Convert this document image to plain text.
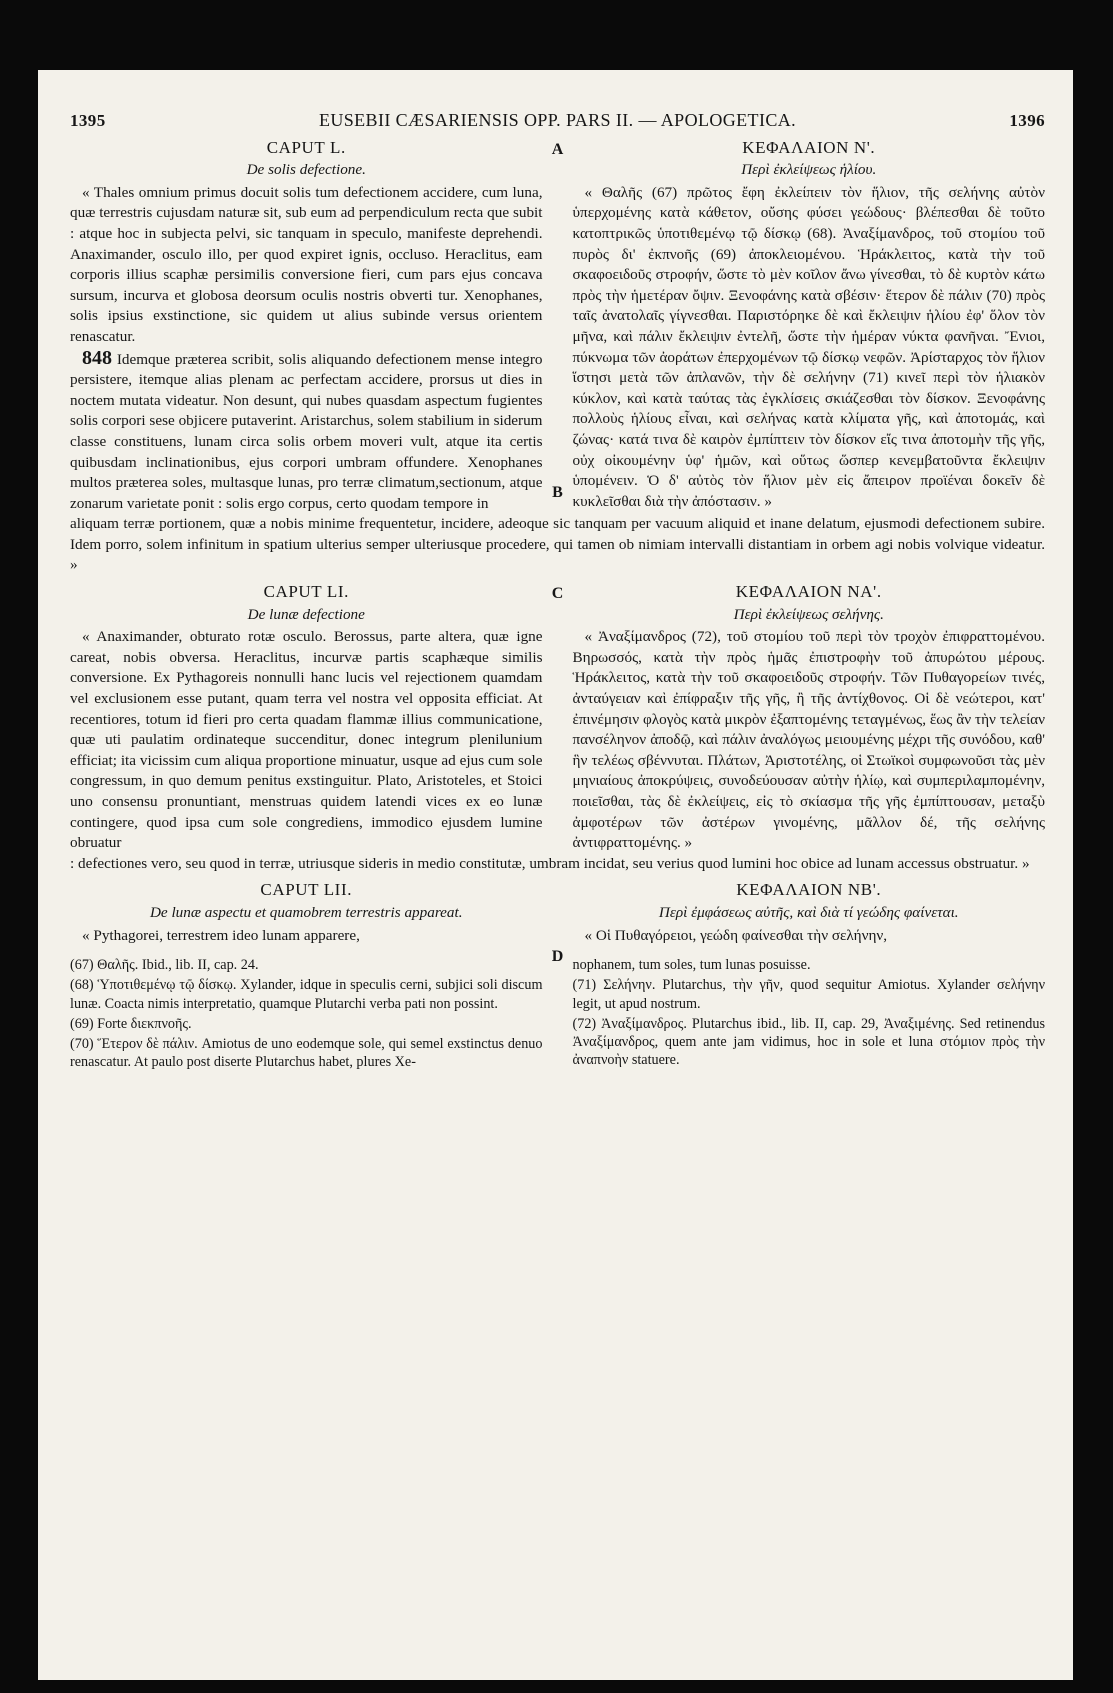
1395	EUSEBII CÆSARIENSIS OPP. PARS II. — APOLOGETICA.	1396
CAPUT L.
De solis defectione.
A	ΚΕΦΑΛΑΙΟΝ Ν'.
Περὶ ἐκλείψεως ἡλίου.

« Thales omnium primus docuit solis tum defectionem accidere, cum luna, quæ terrestris cujusdam naturæ sit, sub eum ad perpendiculum recta que subit : atque hoc in subjecta pelvi, sic tanquam in speculo, manifeste deprehendi. Anaximander, osculo illo, per quod expiret ignis, occluso. Heraclitus, eam corporis illius scaphæ persimilis conversione fieri, cum pars ejus concava sursum, incurva et globosa deorsum oculis nostris obverti tur. Xenophanes, solis ipsius exstinctione, sic quidem ut alius subinde versus orientem renascatur.

848 Idemque præterea scribit, solis aliquando defectionem mense integro persistere, itemque alias plenam ac perfectam accidere, prorsus ut dies in noctem mutata videatur. Non desunt, qui nubes quasdam aspectum fugientes solis corpori sese objicere putaverint. Aristarchus, solem stabilium in siderum classe constituens, lunam circa solis orbem moveri vult, atque ita certis quibusdam inclinationibus, ejus corpori umbram offundere. Xenophanes multos præterea soles, multasque lunas, pro terræ climatum,sectionum, atque zonarum varietate ponit : solis ergo corpus, certo quodam tempore in

B

« Θαλῆς (67) πρῶτος ἔφη ἐκλείπειν τὸν ἥλιον, τῆς σελήνης αὐτὸν ὑπερχομένης κατὰ κάθετον, οὔσης φύσει γεώδους· βλέπεσθαι δὲ τοῦτο κατοπτρικῶς ὑποτιθεμένῳ τῷ δίσκῳ (68). Ἀναξίμανδρος, τοῦ στομίου τοῦ πυρὸς δι' ἐκπνοῆς (69) ἀποκλειομένου. Ἡράκλειτος, κατὰ τὴν τοῦ σκαφοειδοῦς στροφήν, ὥστε τὸ μὲν κοῖλον ἄνω γίνεσθαι, τὸ δὲ κυρτὸν κάτω πρὸς τὴν ἡμετέραν ὄψιν. Ξενοφάνης κατὰ σβέσιν· ἕτερον δὲ πάλιν (70) πρὸς ταῖς ἀνατολαῖς γίγνεσθαι. Παριστόρηκε δὲ καὶ ἔκλειψιν ἡλίου ἐφ' ὅλον τὸν μῆνα, καὶ πάλιν ἔκλειψιν ἐντελῆ, ὥστε τὴν ἡμέραν νύκτα φανῆναι. Ἔνιοι, πύκνωμα τῶν ἀοράτων ἐπερχομένων τῷ δίσκῳ νεφῶν. Ἀρίσταρχος τὸν ἥλιον ἵστησι μετὰ τῶν ἀπλανῶν, τὴν δὲ σελήνην (71) κινεῖ περὶ τὸν ἡλιακὸν κύκλον, καὶ κατὰ ταύτας τὰς ἐγκλίσεις σκιάζεσθαι τὸν δίσκον. Ξενοφάνης πολλοὺς ἡλίους εἶναι, καὶ σελήνας κατὰ κλίματα γῆς, καὶ ἀποτομάς, καὶ ζώνας· κατά τινα δὲ καιρὸν ἐμπίπτειν τὸν δίσκον εἴς τινα ἀποτομὴν τῆς γῆς, οὐχ οἰκουμένην ὑφ' ἡμῶν, καὶ οὕτως ὥσπερ κενεμβατοῦντα ἔκλειψιν ὑπομένειν. Ὁ δ' αὐτὸς τὸν ἥλιον μὲν εἰς ἄπειρον προϊέναι δοκεῖν δὲ κυκλεῖσθαι διὰ τὴν ἀπόστασιν. »

aliquam terræ portionem, quæ a nobis minime frequentetur, incidere, adeoque sic tanquam per vacuum aliquid et inane delatum, ejusmodi defectionem subire. Idem porro, solem infinitum in spatium ulterius semper ulteriusque procedere, qui tamen ob nimiam intervalli distantiam in orbem agi nobis volvique videatur. »
CAPUT LI.
De lunæ defectione
C	ΚΕΦΑΛΑΙΟΝ ΝΑ'.
Περὶ ἐκλείψεως σελήνης.

« Anaximander, obturato rotæ osculo. Berossus, parte altera, quæ igne careat, nobis obversa. Heraclitus, incurvæ partis scaphæque similis conversione. Ex Pythagoreis nonnulli hanc lucis vel rejectionem quamdam vel exclusionem esse putant, quam terra vel nostra vel opposita efficiat. At recentiores, totum id fieri pro certa quadam flammæ illius communicatione, quæ uti paulatim ordinateque succenditur, donec integrum plenilunium efficiat; ita vicissim cum aliqua proportione minuatur, usque ad ejus cum sole congressum, in quo demum penitus exstinguitur. Plato, Aristoteles, et Stoici uno consensu pronuntiant, menstruas quidem latendi vices ex eo lunæ contingere, quod ipsa cum sole congrediens, immodico ejusdem lumine obruatur

D

« Ἀναξίμανδρος (72), τοῦ στομίου τοῦ περὶ τὸν τροχὸν ἐπιφραττομένου. Βηρωσσός, κατὰ τὴν πρὸς ἡμᾶς ἐπιστροφὴν τοῦ ἀπυρώτου μέρους. Ἡράκλειτος, κατὰ τὴν τοῦ σκαφοειδοῦς στροφήν. Τῶν Πυθαγορείων τινές, ἀνταύγειαν καὶ ἐπίφραξιν τῆς γῆς, ἢ τῆς ἀντίχθονος. Οἱ δὲ νεώτεροι, κατ' ἐπινέμησιν φλογὸς κατὰ μικρὸν ἐξαπτομένης τεταγμένως, ἕως ἂν τὴν τελείαν πανσέληνον ἀποδῷ, καὶ πάλιν ἀναλόγως μειουμένης μέχρι τῆς συνόδου, καθ' ἣν τελέως σβέννυται. Πλάτων, Ἀριστοτέλης, οἱ Στωϊκοὶ συμφωνοῦσι τὰς μὲν μηνιαίους ἀποκρύψεις, συνοδεύουσαν αὐτὴν ἡλίῳ, καὶ συμπεριλαμπομένην, ποιεῖσθαι, τὰς δὲ ἐκλείψεις, εἰς τὸ σκίασμα τῆς γῆς ἐμπίπτουσαν, μεταξὺ ἀμφοτέρων τῶν ἀστέρων γινομένης, μᾶλλον δέ, τῆς σελήνης ἀντιφραττομένης. »

: defectiones vero, seu quod in terræ, utriusque sideris in medio constitutæ, umbram incidat, seu verius quod lumini hoc obice ad lunam accessus obstruatur. »
CAPUT LII.
De lunæ aspectu et quamobrem terrestris appareat.
ΚΕΦΑΛΑΙΟΝ ΝΒ'.
Περὶ ἐμφάσεως αὐτῆς, καὶ διὰ τί γεώδης φαίνεται.

« Pythagorei, terrestrem ideo lunam apparere,	« Οἱ Πυθαγόρειοι, γεώδη φαίνεσθαι τὴν σελήνην,

(67) Θαλῆς. Ibid., lib. II, cap. 24.

(68) Ὑποτιθεμένῳ τῷ δίσκῳ. Xylander, idque in speculis cerni, subjici soli discum lunæ. Coacta nimis interpretatio, quamque Plutarchi verba pati non possint.

(69) Forte διεκπνοῆς.

(70) Ἕτερον δὲ πάλιν. Amiotus de uno eodemque sole, qui semel exstinctus denuo renascatur. At paulo post diserte Plutarchus habet, plures Xe-

nophanem, tum soles, tum lunas posuisse.

(71) Σελήνην. Plutarchus, τὴν γῆν, quod sequitur Amiotus. Xylander σελήνην legit, ut apud nostrum.

(72) Ἀναξίμανδρος. Plutarchus ibid., lib. II, cap. 29, Ἀναξιμένης. Sed retinendus Ἀναξίμανδρος, quem ante jam vidimus, hoc in sole et luna στόμιον πρὸς τὴν ἀναπνοὴν statuere.
